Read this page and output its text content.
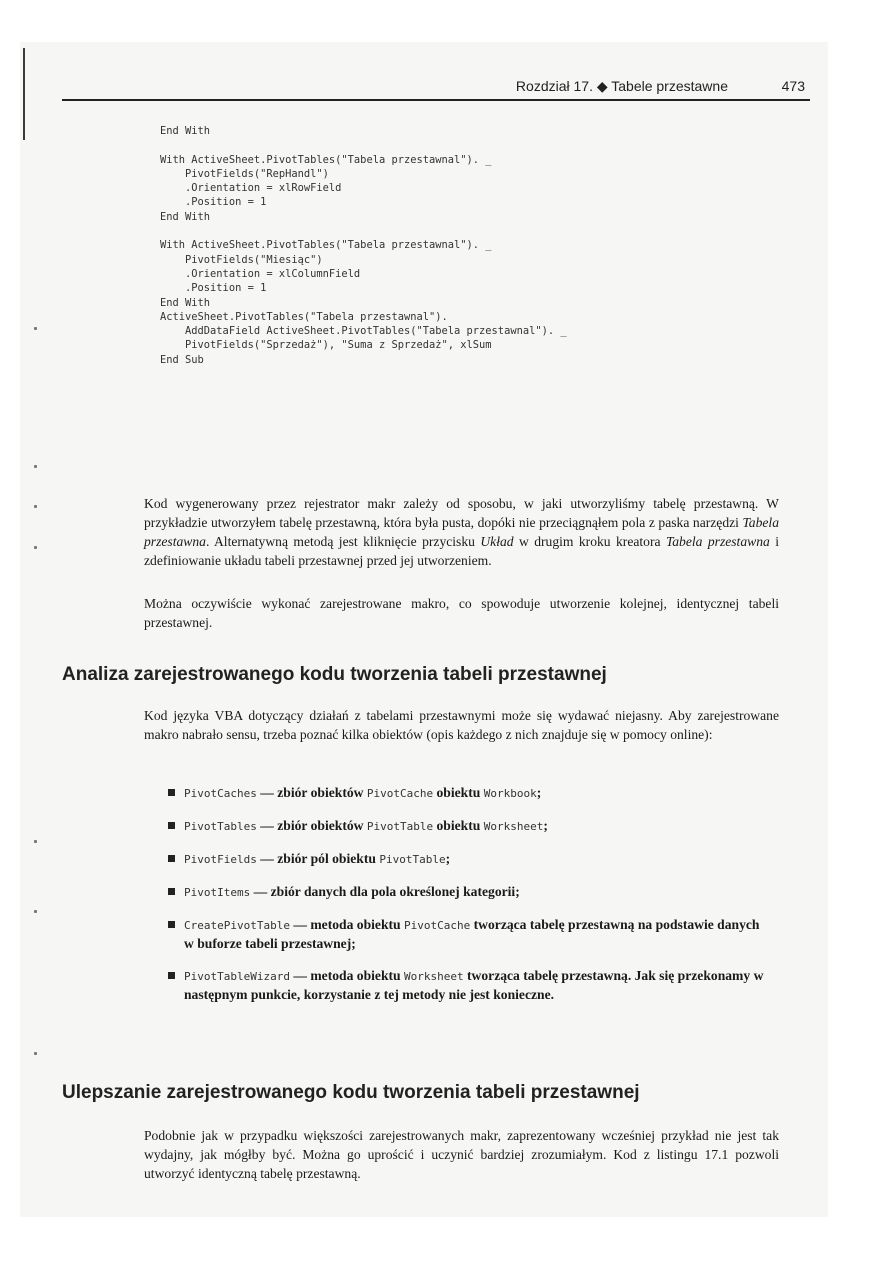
Rozdział 17. ◆ Tabele przestawne	473
End With

With ActiveSheet.PivotTables("Tabela przestawnal"). _
PivotFields("RepHandl")
.Orientation = xlRowField
.Position = 1
End With

With ActiveSheet.PivotTables("Tabela przestawnal"). _
PivotFields("Miesiąc")
.Orientation = xlColumnField
.Position = 1
End With
ActiveSheet.PivotTables("Tabela przestawnal").
AddDataField ActiveSheet.PivotTables("Tabela przestawnal"). _
PivotFields("Sprzedaż"), "Suma z Sprzedaż", xlSum
End Sub

Kod wygenerowany przez rejestrator makr zależy od sposobu, w jaki utworzyliśmy tabelę przestawną. W przykładzie utworzyłem tabelę przestawną, która była pusta, dopóki nie przeciągnąłem pola z paska narzędzi Tabela przestawna. Alternatywną metodą jest kliknięcie przycisku Układ w drugim kroku kreatora Tabela przestawna i zdefiniowanie układu tabeli przestawnej przed jej utworzeniem.

Można oczywiście wykonać zarejestrowane makro, co spowoduje utworzenie kolejnej, identycznej tabeli przestawnej.

Analiza zarejestrowanego kodu tworzenia tabeli przestawnej

Kod języka VBA dotyczący działań z tabelami przestawnymi może się wydawać niejasny. Aby zarejestrowane makro nabrało sensu, trzeba poznać kilka obiektów (opis każdego z nich znajduje się w pomocy online):

PivotCaches — zbiór obiektów PivotCache obiektu Workbook;
PivotTables — zbiór obiektów PivotTable obiektu Worksheet;
PivotFields — zbiór pól obiektu PivotTable;
PivotItems — zbiór danych dla pola określonej kategorii;
CreatePivotTable — metoda obiektu PivotCache tworząca tabelę przestawną na podstawie danych w buforze tabeli przestawnej;
PivotTableWizard — metoda obiektu Worksheet tworząca tabelę przestawną. Jak się przekonamy w następnym punkcie, korzystanie z tej metody nie jest konieczne.
Ulepszanie zarejestrowanego kodu tworzenia tabeli przestawnej

Podobnie jak w przypadku większości zarejestrowanych makr, zaprezentowany wcześniej przykład nie jest tak wydajny, jak mógłby być. Można go uprościć i uczynić bardziej zrozumiałym. Kod z listingu 17.1 pozwoli utworzyć identyczną tabelę przestawną.
